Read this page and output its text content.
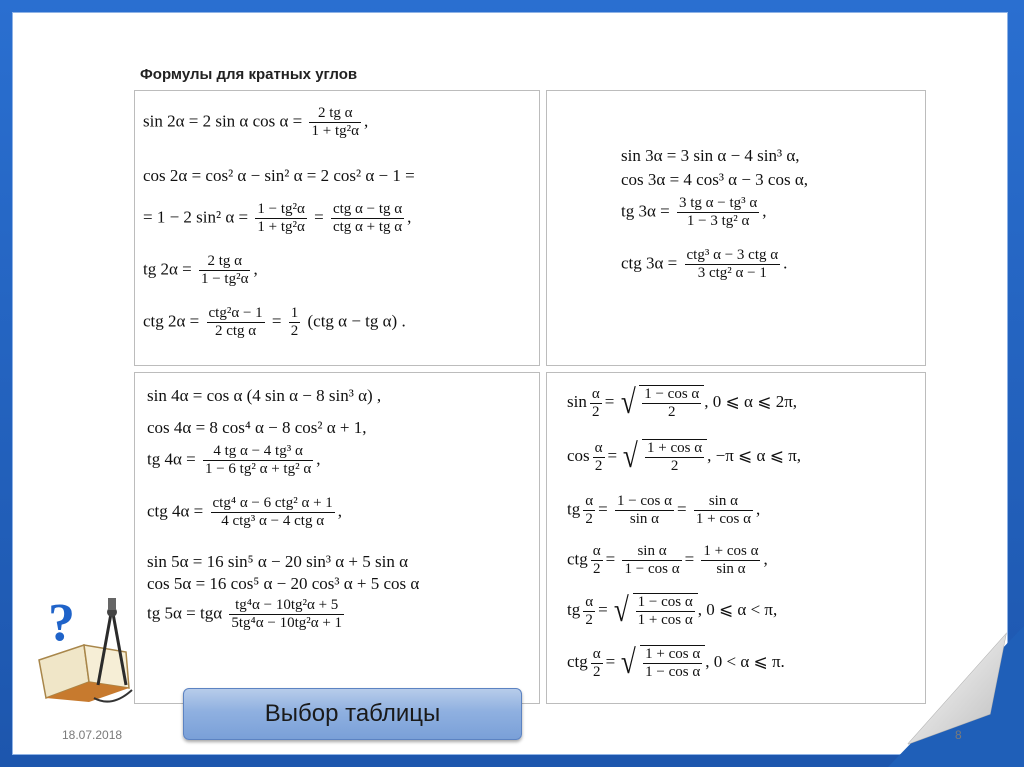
Формулы для кратных углов
sin 2α = 2 sin α $\cos \alpha = \frac{\text{2 tg α}}{\text{1 + tg²α}}$ ,
cos 2α = cos² α − sin² α = 2 cos² α − 1 =
= 1 − 2 sin² $\alpha = \frac{\text{1 − tg²α}}{\text{1 + tg²α}} = \frac{\text{ctg α − tg α}}{\text{ctg α + tg α}}$ ,
tg $2\alpha = \frac{\text{2 tg α}}{\text{1 − tg²α}}$ ,
ctg $2\alpha = \frac{\text{ctg²α − 1}}{\text{2 ctg α}} = \frac{1}{2} (ctg$ α − tg α) .
sin 3α = 3 sin α − 4 sin³ α,
cos 3α = 4 cos³ α − 3 cos α,
tg $3\alpha = \frac{\text{3 tg α − tg³ α}}{\text{1 − 3 tg² α}}$ ,
ctg $3\alpha = \frac{\text{ctg³ α − 3 ctg α}}{\text{3 ctg² α − 1}}$ .
sin 4α = cos α (4 sin α − 8 sin³ α) ,
cos 4α = 8 cos⁴ α − 8 cos² α + 1,
tg $4\alpha = \frac{\text{4 tg α − 4 tg³ α}}{\text{1 − 6 tg² α + tg² α}}$ ,
ctg $4\alpha = \frac{\text{ctg⁴ α − 6 ctg² α + 1}}{\text{4 ctg³ α − 4 ctg α}}$ ,
sin 5α = 16 sin⁵ α − 20 sin³ α + 5 sin α
cos 5α = 16 cos⁵ α − 20 cos³ α + 5 cos α
tg 5α = tgα $\frac{\text{tg⁴α − 10tg²α + 5}}{\text{5tg⁴α − 10tg²α + 1}}$
$\sin \frac{\alpha}{2}$ = √ $\frac{\text{1 − cos α}}{2}$ , 0 ⩽ α ⩽ 2π,
$\cos \frac{\alpha}{2}$ = √ $\frac{\text{1 + cos α}}{2}$ , −π ⩽ α ⩽ π,
tg $\frac{\alpha}{2} = \frac{\text{1 − cos α}}{\text{sin α}} = \frac{\text{sin α}}{\text{1 + cos α}}$ ,
ctg $\frac{\alpha}{2} = \frac{\text{sin α}}{\text{1 − cos α}} = \frac{\text{1 + cos α}}{\text{sin α}}$ ,
tg $\frac{\alpha}{2}$ = √ $\frac{\text{1 − cos α}}{\text{1 + cos α}}$ , 0 ⩽ α < π,
ctg $\frac{\alpha}{2}$ = √ $\frac{\text{1 + cos α}}{\text{1 − cos α}}$ , 0 < α ⩽ π.
?
Выбор таблицы
18.07.2018	8
